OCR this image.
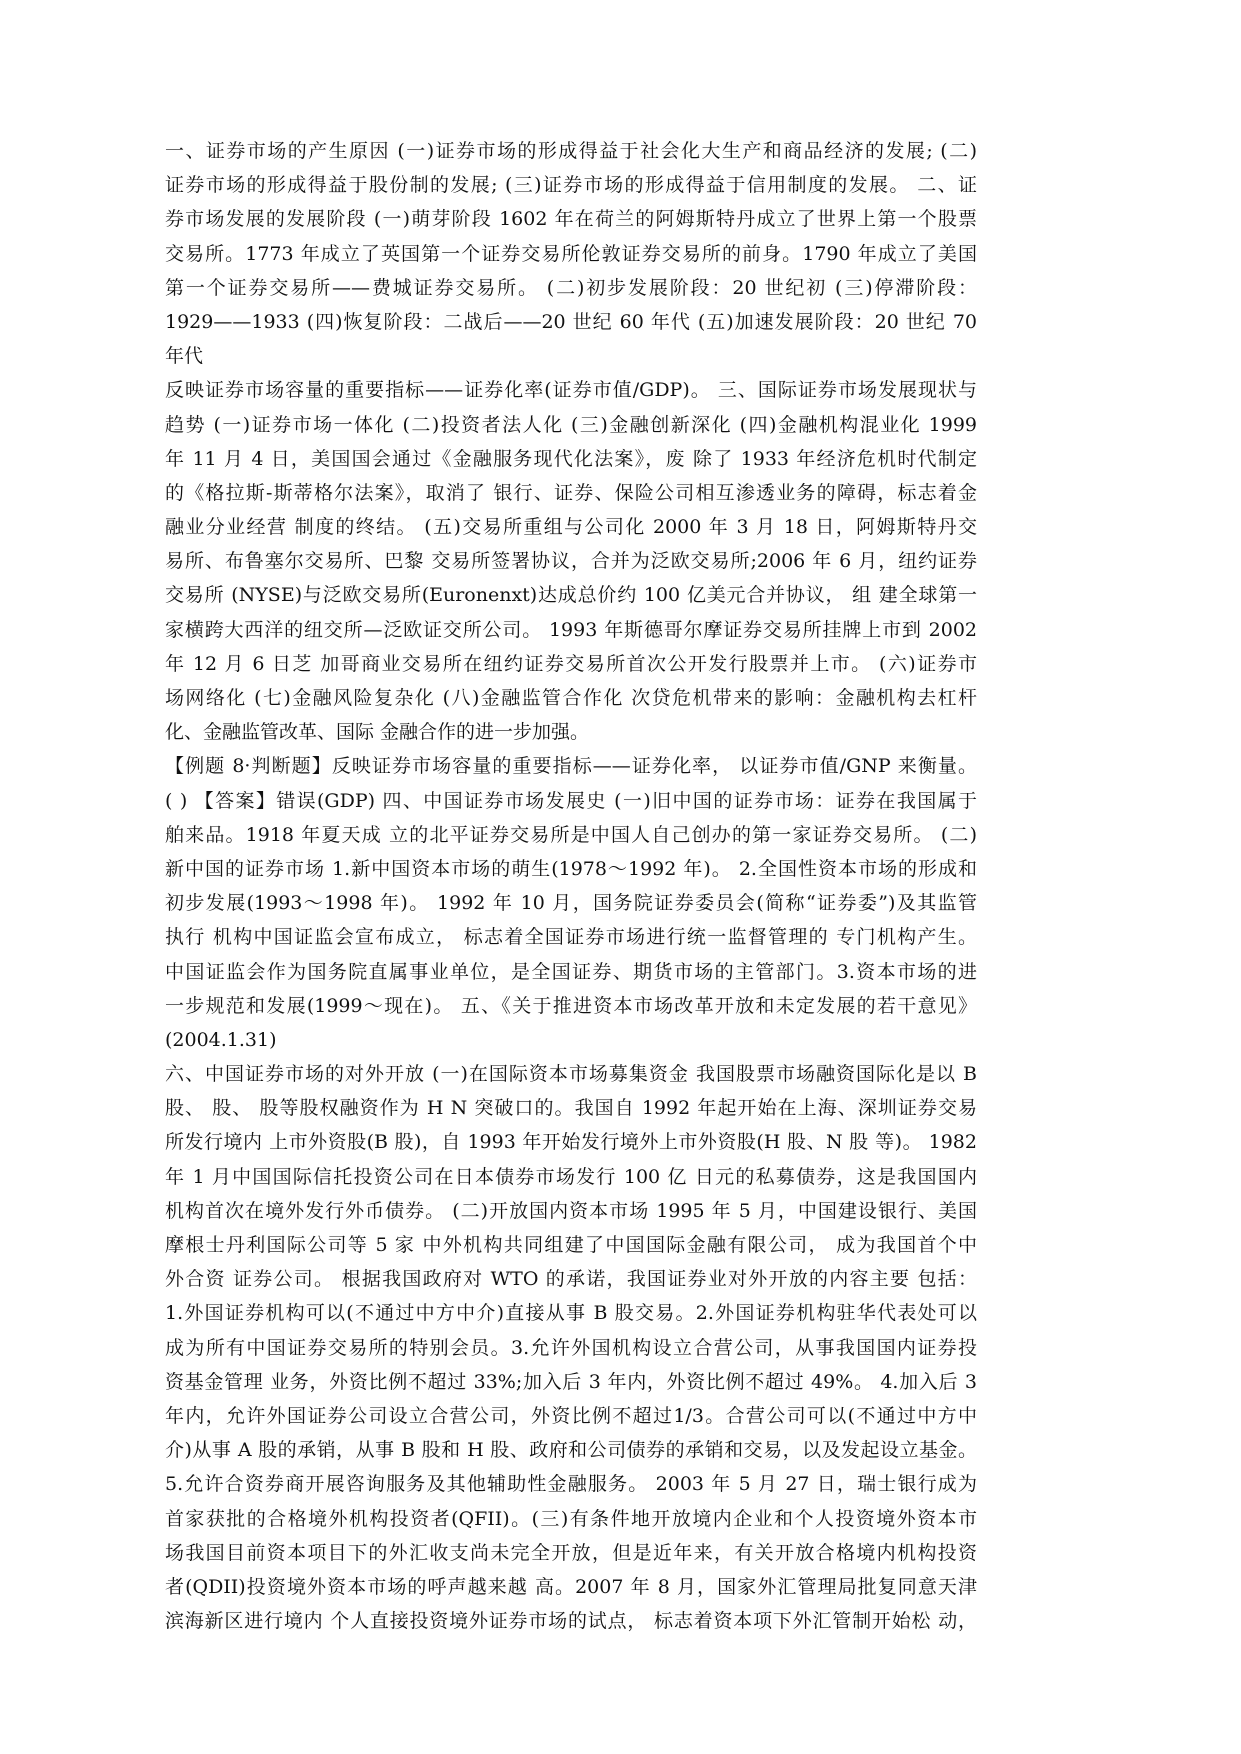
一、证券市场的产生原因 (一)证券市场的形成得益于社会化大生产和商品经济的发展; (二)
证券市场的形成得益于股份制的发展; (三)证券市场的形成得益于信用制度的发展。 二、证
券市场发展的发展阶段 (一)萌芽阶段 1602 年在荷兰的阿姆斯特丹成立了世界上第一个股票
交易所。1773 年成立了英国第一个证券交易所伦敦证券交易所的前身。1790 年成立了美国
第一个证券交易所——费城证券交易所。 (二)初步发展阶段：20 世纪初 (三)停滞阶段：
1929——1933 (四)恢复阶段：二战后——20 世纪 60 年代 (五)加速发展阶段：20 世纪 70
年代
反映证券市场容量的重要指标——证券化率(证券市值/GDP)。 三、国际证券市场发展现状与
趋势 (一)证券市场一体化 (二)投资者法人化 (三)金融创新深化 (四)金融机构混业化 1999
年 11 月 4 日，美国国会通过《金融服务现代化法案》，废 除了 1933 年经济危机时代制定
的《格拉斯-斯蒂格尔法案》，取消了 银行、证券、保险公司相互渗透业务的障碍，标志着金
融业分业经营 制度的终结。 (五)交易所重组与公司化 2000 年 3 月 18 日，阿姆斯特丹交
易所、布鲁塞尔交易所、巴黎 交易所签署协议，合并为泛欧交易所;2006 年 6 月，纽约证券
交易所 (NYSE)与泛欧交易所(Euronenxt)达成总价约 100 亿美元合并协议， 组 建全球第一
家横跨大西洋的纽交所—泛欧证交所公司。 1993 年斯德哥尔摩证券交易所挂牌上市到 2002
年 12 月 6 日芝 加哥商业交易所在纽约证券交易所首次公开发行股票并上市。 (六)证券市
场网络化 (七)金融风险复杂化 (八)金融监管合作化 次贷危机带来的影响：金融机构去杠杆
化、金融监管改革、国际 金融合作的进一步加强。
【例题 8·判断题】反映证券市场容量的重要指标——证券化率， 以证券市值/GNP 来衡量。
( ) 【答案】错误(GDP) 四、中国证券市场发展史 (一)旧中国的证券市场：证券在我国属于
舶来品。1918 年夏天成 立的北平证券交易所是中国人自己创办的第一家证券交易所。 (二)
新中国的证券市场 1.新中国资本市场的萌生(1978～1992 年)。 2.全国性资本市场的形成和
初步发展(1993～1998 年)。 1992 年 10 月，国务院证券委员会(简称“证券委”)及其监管
执行 机构中国证监会宣布成立， 标志着全国证券市场进行统一监督管理的 专门机构产生。
中国证监会作为国务院直属事业单位，是全国证券、期货市场的主管部门。3.资本市场的进
一步规范和发展(1999～现在)。 五、《关于推进资本市场改革开放和未定发展的若干意见》
(2004.1.31)
六、中国证券市场的对外开放 (一)在国际资本市场募集资金 我国股票市场融资国际化是以 B
股、 股、 股等股权融资作为 H N 突破口的。我国自 1992 年起开始在上海、深圳证券交易
所发行境内 上市外资股(B 股)，自 1993 年开始发行境外上市外资股(H 股、N 股 等)。 1982
年 1 月中国国际信托投资公司在日本债券市场发行 100 亿 日元的私募债券，这是我国国内
机构首次在境外发行外币债券。 (二)开放国内资本市场 1995 年 5 月，中国建设银行、美国
摩根士丹利国际公司等 5 家 中外机构共同组建了中国国际金融有限公司， 成为我国首个中
外合资 证券公司。 根据我国政府对 WTO 的承诺，我国证券业对外开放的内容主要 包括：
1.外国证券机构可以(不通过中方中介)直接从事 B 股交易。2.外国证券机构驻华代表处可以
成为所有中国证券交易所的特别会员。3.允许外国机构设立合营公司，从事我国国内证券投
资基金管理 业务，外资比例不超过 33%;加入后 3 年内，外资比例不超过 49%。 4.加入后 3
年内，允许外国证券公司设立合营公司，外资比例不超过1/3。合营公司可以(不通过中方中
介)从事 A 股的承销，从事 B 股和 H 股、政府和公司债券的承销和交易，以及发起设立基金。
5.允许合资券商开展咨询服务及其他辅助性金融服务。 2003 年 5 月 27 日，瑞士银行成为
首家获批的合格境外机构投资者(QFII)。(三)有条件地开放境内企业和个人投资境外资本市
场我国目前资本项目下的外汇收支尚未完全开放，但是近年来，有关开放合格境内机构投资
者(QDII)投资境外资本市场的呼声越来越 高。2007 年 8 月，国家外汇管理局批复同意天津
滨海新区进行境内 个人直接投资境外证券市场的试点， 标志着资本项下外汇管制开始松 动，
